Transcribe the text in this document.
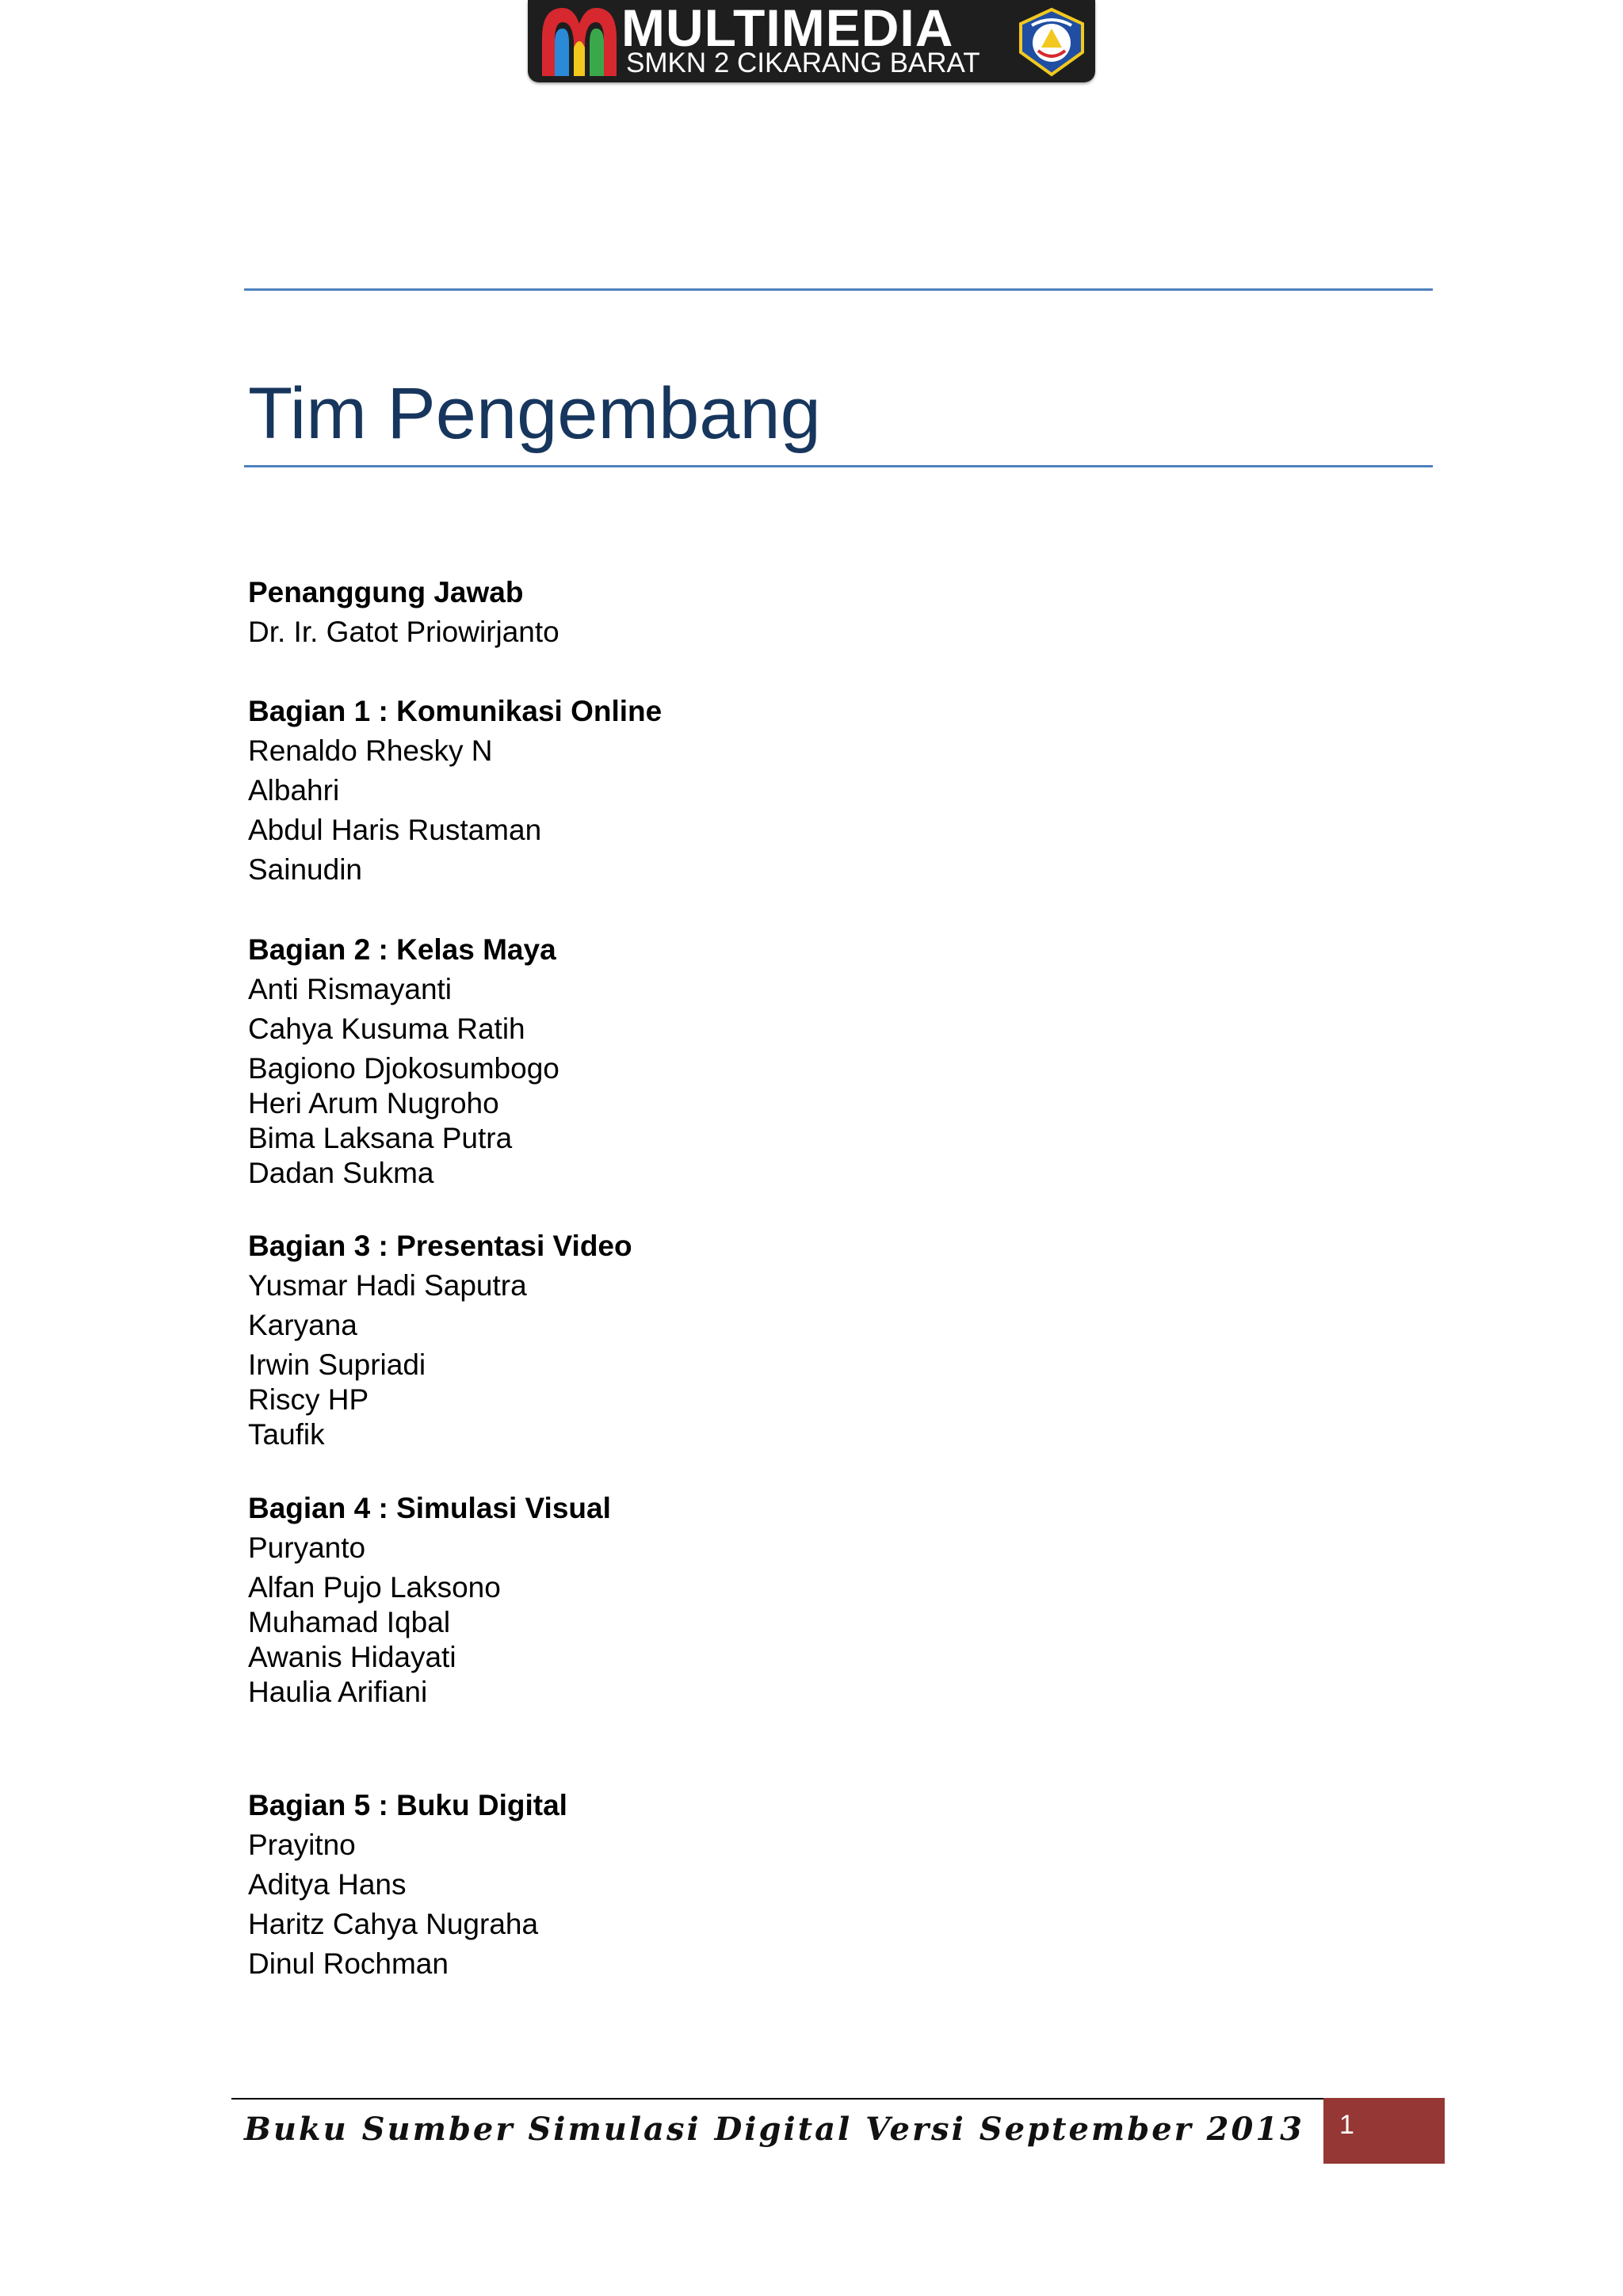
MULTIMEDIA
SMKN 2 CIKARANG BARAT
Tim Pengembang
Penanggung Jawab
Dr. Ir. Gatot Priowirjanto
Bagian 1 : Komunikasi Online
Renaldo Rhesky N
Albahri
Abdul Haris Rustaman
Sainudin
Bagian 2 : Kelas Maya
Anti Rismayanti
Cahya Kusuma Ratih
Bagiono Djokosumbogo
Heri Arum Nugroho
Bima Laksana Putra
Dadan Sukma
Bagian 3 : Presentasi Video
Yusmar Hadi Saputra
Karyana
Irwin Supriadi
Riscy HP
Taufik
Bagian 4 : Simulasi Visual
Puryanto
Alfan Pujo Laksono
Muhamad Iqbal
Awanis Hidayati
Haulia Arifiani
Bagian 5 : Buku Digital
Prayitno
Aditya Hans
Haritz Cahya Nugraha
Dinul Rochman
Buku Sumber Simulasi Digital Versi September 2013 1
